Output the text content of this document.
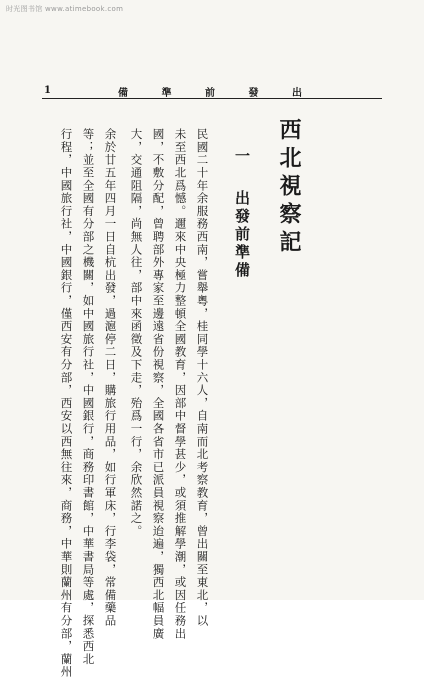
时光图书馆 www.atimebook.com
1	備	準	前	發	出
西北視察記
一
出發前準備
民國二十年余服務西南，嘗舉粵，桂同學十六人，自南而北考察教育，曾出關至東北，以
未至西北爲憾。邇來中央極力整頓全國教育，因部中督學甚少，或須推解學潮，或因任務出
國，不敷分配，曾聘部外專家至邊遠省份視察，全國各省市已派員視察迨遍，獨西北幅員廣
大，交通阻隔，尚無人往，部中來函徵及下走，殆爲一行，余欣然諾之。
余於廿五年四月一日自杭出發，過滬停二日，購旅行用品，如行軍床，行李袋，常備藥品
等；並至全國有分部之機關，如中國旅行社，中國銀行，商務印書館，中華書局等處，探悉西北
行程，中國旅行社，中國銀行，僅西安有分部，西安以西無往來，商務，中華則蘭州有分部，蘭州
